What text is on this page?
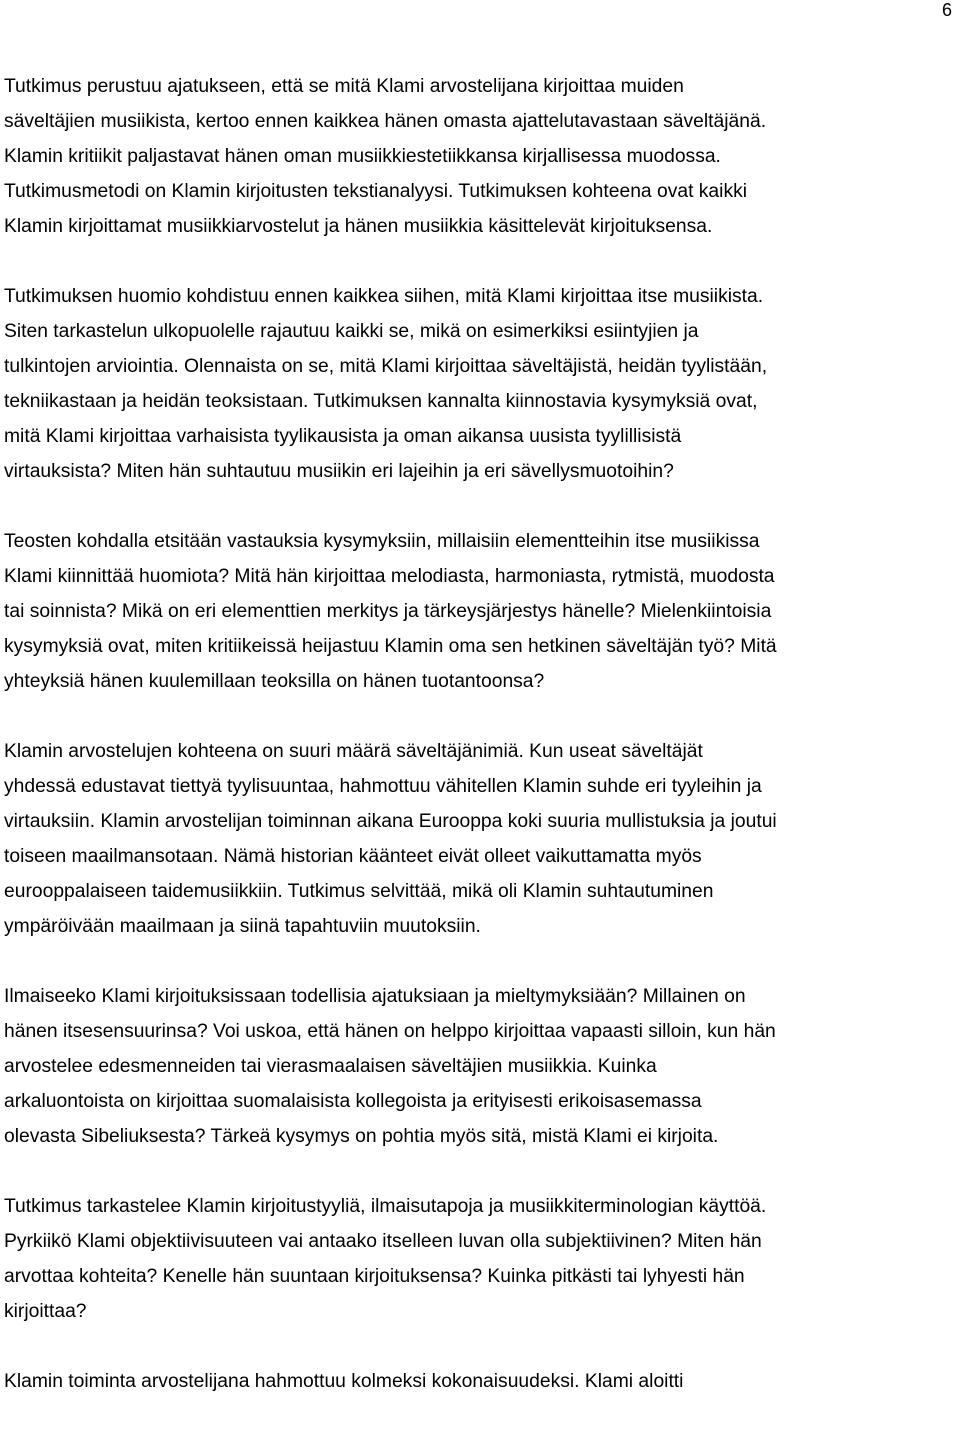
6

Tutkimus perustuu ajatukseen, että se mitä Klami arvostelijana kirjoittaa muiden
säveltäjien musiikista, kertoo ennen kaikkea hänen omasta ajattelutavastaan säveltäjänä.
Klamin kritiikit paljastavat hänen oman musiikkiestetiikkansa kirjallisessa muodossa.
Tutkimusmetodi on Klamin kirjoitusten tekstianalyysi. Tutkimuksen kohteena ovat kaikki
Klamin kirjoittamat musiikkiarvostelut ja hänen musiikkia käsittelevät kirjoituksensa.

Tutkimuksen huomio kohdistuu ennen kaikkea siihen, mitä Klami kirjoittaa itse musiikista.
Siten tarkastelun ulkopuolelle rajautuu kaikki se, mikä on esimerkiksi esiintyjien ja
tulkintojen arviointia. Olennaista on se, mitä Klami kirjoittaa säveltäjistä, heidän tyylistään,
tekniikastaan ja heidän teoksistaan. Tutkimuksen kannalta kiinnostavia kysymyksiä ovat,
mitä Klami kirjoittaa varhaisista tyylikausista ja oman aikansa uusista tyylillisistä
virtauksista? Miten hän suhtautuu musiikin eri lajeihin ja eri sävellysmuotoihin?

Teosten kohdalla etsitään vastauksia kysymyksiin, millaisiin elementteihin itse musiikissa
Klami kiinnittää huomiota? Mitä hän kirjoittaa melodiasta, harmoniasta, rytmistä, muodosta
tai soinnista? Mikä on eri elementtien merkitys ja tärkeysjärjestys hänelle? Mielenkiintoisia
kysymyksiä ovat, miten kritiikeissä heijastuu Klamin oma sen hetkinen säveltäjän työ? Mitä
yhteyksiä hänen kuulemillaan teoksilla on hänen tuotantoonsa?

Klamin arvostelujen kohteena on suuri määrä säveltäjänimiä. Kun useat säveltäjät
yhdessä edustavat tiettyä tyylisuuntaa, hahmottuu vähitellen Klamin suhde eri tyyleihin ja
virtauksiin. Klamin arvostelijan toiminnan aikana Eurooppa koki suuria mullistuksia ja joutui
toiseen maailmansotaan. Nämä historian käänteet eivät olleet vaikuttamatta myös
eurooppalaiseen taidemusiikkiin. Tutkimus selvittää, mikä oli Klamin suhtautuminen
ympäröivään maailmaan ja siinä tapahtuviin muutoksiin.

Ilmaiseeko Klami kirjoituksissaan todellisia ajatuksiaan ja mieltymyksiään? Millainen on
hänen itsesensuurinsa? Voi uskoa, että hänen on helppo kirjoittaa vapaasti silloin, kun hän
arvostelee edesmenneiden tai vierasmaalaisen säveltäjien musiikkia. Kuinka
arkaluontoista on kirjoittaa suomalaisista kollegoista ja erityisesti erikoisasemassa
olevasta Sibeliuksesta? Tärkeä kysymys on pohtia myös sitä, mistä Klami ei kirjoita.

Tutkimus tarkastelee Klamin kirjoitustyyliä, ilmaisutapoja ja musiikkiterminologian käyttöä.
Pyrkiikö Klami objektiivisuuteen vai antaako itselleen luvan olla subjektiivinen? Miten hän
arvottaa kohteita? Kenelle hän suuntaan kirjoituksensa? Kuinka pitkästi tai lyhyesti hän
kirjoittaa?

Klamin toiminta arvostelijana hahmottuu kolmeksi kokonaisuudeksi. Klami aloitti
